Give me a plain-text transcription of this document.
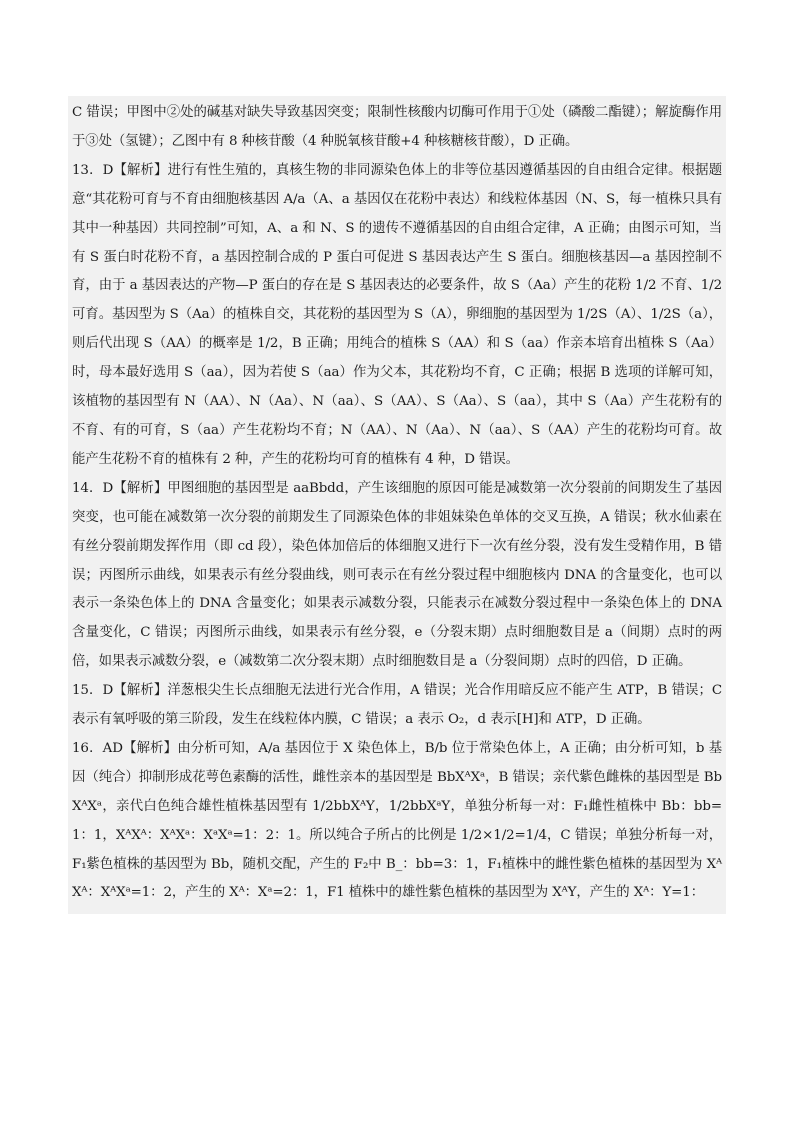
C 错误；甲图中②处的碱基对缺失导致基因突变；限制性核酸内切酶可作用于①处（磷酸二酯键）；解旋酶作用于③处（氢键）；乙图中有 8 种核苷酸（4 种脱氧核苷酸+4 种核糖核苷酸），D 正确。

13．D【解析】进行有性生殖的，真核生物的非同源染色体上的非等位基因遵循基因的自由组合定律。根据题意“其花粉可育与不育由细胞核基因 A/a（A、a 基因仅在花粉中表达）和线粒体基因（N、S，每一植株只具有其中一种基因）共同控制”可知，A、a 和 N、S 的遗传不遵循基因的自由组合定律，A 正确；由图示可知，当有 S 蛋白时花粉不育，a 基因控制合成的 P 蛋白可促进 S 基因表达产生 S 蛋白。细胞核基因—a 基因控制不育，由于 a 基因表达的产物—P 蛋白的存在是 S 基因表达的必要条件，故 S（Aa）产生的花粉 1/2 不育、1/2 可育。基因型为 S（Aa）的植株自交，其花粉的基因型为 S（A），卵细胞的基因型为 1/2S（A）、1/2S（a），则后代出现 S（AA）的概率是 1/2，B 正确；用纯合的植株 S（AA）和 S（aa）作亲本培育出植株 S（Aa）时，母本最好选用 S（aa），因为若使 S（aa）作为父本，其花粉均不育，C 正确；根据 B 选项的详解可知，该植物的基因型有 N（AA）、N（Aa）、N（aa）、S（AA）、S（Aa）、S（aa），其中 S（Aa）产生花粉有的不育、有的可育，S（aa）产生花粉均不育；N（AA）、N（Aa）、N（aa）、S（AA）产生的花粉均可育。故能产生花粉不育的植株有 2 种，产生的花粉均可育的植株有 4 种，D 错误。

14．D【解析】甲图细胞的基因型是 aaBbdd，产生该细胞的原因可能是减数第一次分裂前的间期发生了基因突变，也可能在减数第一次分裂的前期发生了同源染色体的非姐妹染色单体的交叉互换，A 错误；秋水仙素在有丝分裂前期发挥作用（即 cd 段），染色体加倍后的体细胞又进行下一次有丝分裂，没有发生受精作用，B 错误；丙图所示曲线，如果表示有丝分裂曲线，则可表示在有丝分裂过程中细胞核内 DNA 的含量变化，也可以表示一条染色体上的 DNA 含量变化；如果表示减数分裂，只能表示在减数分裂过程中一条染色体上的 DNA 含量变化，C 错误；丙图所示曲线，如果表示有丝分裂，e（分裂末期）点时细胞数目是 a（间期）点时的两倍，如果表示减数分裂，e（减数第二次分裂末期）点时细胞数目是 a（分裂间期）点时的四倍，D 正确。

15．D【解析】洋葱根尖生长点细胞无法进行光合作用，A 错误；光合作用暗反应不能产生 ATP，B 错误；C 表示有氧呼吸的第三阶段，发生在线粒体内膜，C 错误；a 表示 O₂，d 表示[H]和 ATP，D 正确。

16．AD【解析】由分析可知，A/a 基因位于 X 染色体上，B/b 位于常染色体上，A 正确；由分析可知，b 基因（纯合）抑制形成花萼色素酶的活性，雌性亲本的基因型是 BbXᴬXᵃ，B 错误；亲代紫色雌株的基因型是 BbXᴬXᵃ，亲代白色纯合雄性植株基因型有 1/2bbXᴬY，1/2bbXᵃY，单独分析每一对：F₁雌性植株中 Bb：bb=1：1，XᴬXᴬ：XᴬXᵃ：XᵃXᵃ=1：2：1。所以纯合子所占的比例是 1/2×1/2=1/4，C 错误；单独分析每一对，F₁紫色植株的基因型为 Bb，随机交配，产生的 F₂中 B_：bb=3：1，F₁植株中的雌性紫色植株的基因型为 XᴬXᴬ：XᴬXᵃ=1：2，产生的 Xᴬ：Xᵃ=2：1，F1 植株中的雄性紫色植株的基因型为 XᴬY，产生的 Xᴬ：Y=1：
